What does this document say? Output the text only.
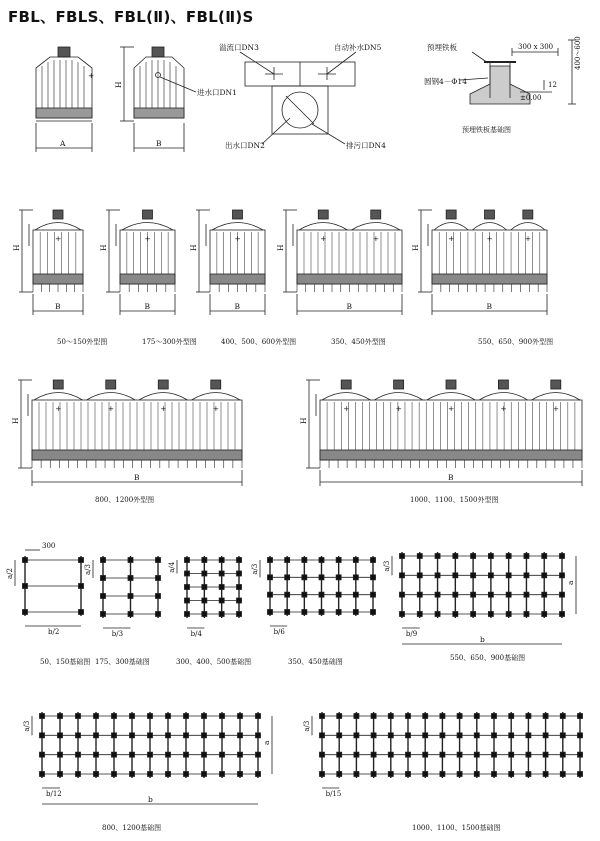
FBL、FBLS、FBL(Ⅱ)、FBL(Ⅱ)S
+
A
H
B
进水口DN1
溢流口DN3	自动补水DN5
出水口DN2	排污口DN4
预埋铁板
圆钢4－Φ14
300 x 300	400～600
12
±0.00
预埋铁板基础图
+
H
B
50～150外型图
+
H
B
175～300外型图
+
H
B
400、500、600外型图
+	+
H
B
350、450外型图
+	+	+
H
B
550、650、900外型图
+	+	+	+
H
B
800、1200外型图
+	+	+	+	+
H
B
1000、1100、1500外型图
a/2
b/2
50、150基础图
300
a/3
b/3
175、300基础图
a/4
b/4
300、400、500基础图
a/3
b/6
350、450基础图
a/3
b/9
b
a
550、650、900基础图
a/3
b/12
b
a
800、1200基础图
a/3
b/15
1000、1100、1500基础图
